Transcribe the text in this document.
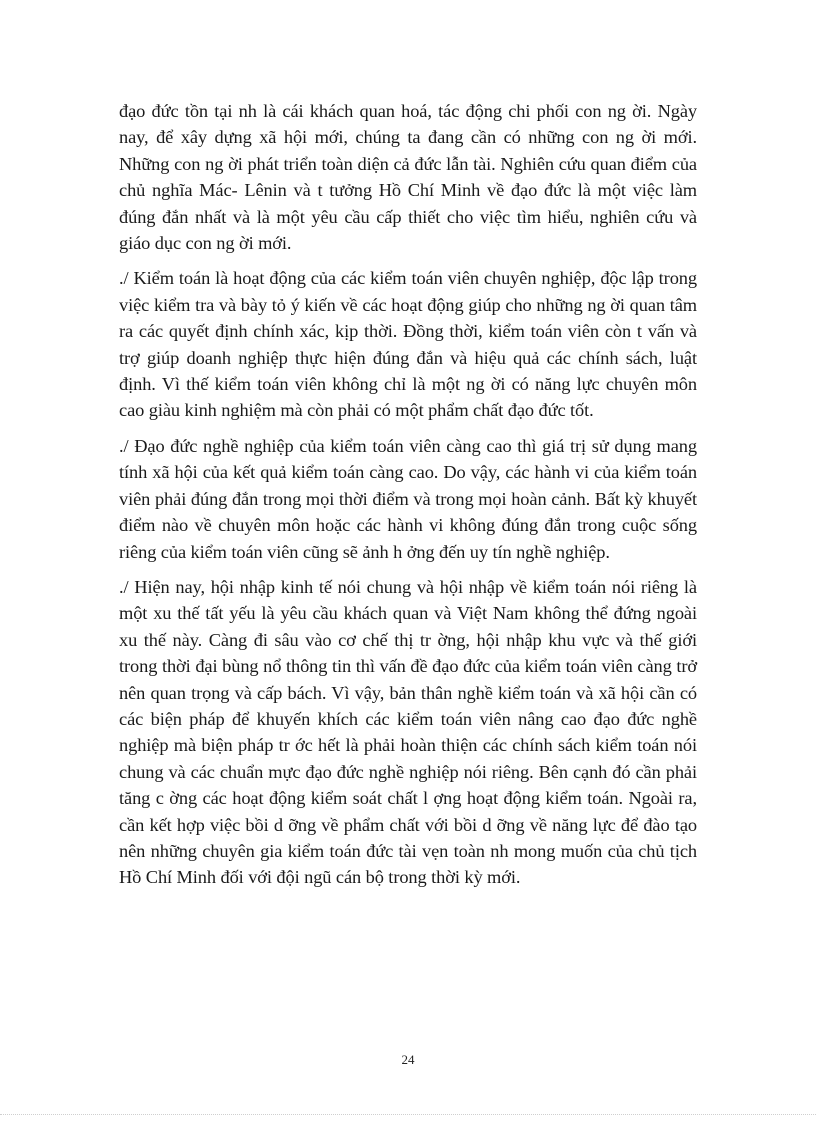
đạo đức tồn tại nh là cái khách quan hoá, tác động chi phối con ng ời. Ngày nay, để xây dựng xã hội mới, chúng ta đang cần có những con ng ời mới. Những con ng ời phát triển toàn diện cả đức lẫn tài. Nghiên cứu quan điểm của chủ nghĩa Mác- Lênin và t tưởng Hồ Chí Minh về đạo đức là một việc làm đúng đắn nhất và là một yêu cầu cấp thiết cho việc tìm hiểu, nghiên cứu và giáo dục con ng ời mới.

./ Kiểm toán là hoạt động của các kiểm toán viên chuyên nghiệp, độc lập trong việc kiểm tra và bày tỏ ý kiến về các hoạt động giúp cho những ng ời quan tâm ra các quyết định chính xác, kịp thời. Đồng thời, kiểm toán viên còn t vấn và trợ giúp doanh nghiệp thực hiện đúng đắn và hiệu quả các chính sách, luật định. Vì thế kiểm toán viên không chỉ là một ng ời có năng lực chuyên môn cao giàu kinh nghiệm mà còn phải có một phẩm chất đạo đức tốt.

./ Đạo đức nghề nghiệp của kiểm toán viên càng cao thì giá trị sử dụng mang tính xã hội của kết quả kiểm toán càng cao. Do vậy, các hành vi của kiểm toán viên phải đúng đắn trong mọi thời điểm và trong mọi hoàn cảnh. Bất kỳ khuyết điểm nào về chuyên môn hoặc các hành vi không đúng đắn trong cuộc sống riêng của kiểm toán viên cũng sẽ ảnh h ởng đến uy tín nghề nghiệp.

./ Hiện nay, hội nhập kinh tế nói chung và hội nhập về kiểm toán nói riêng là một xu thế tất yếu là yêu cầu khách quan và Việt Nam không thể đứng ngoài xu thế này. Càng đi sâu vào cơ chế thị tr ờng, hội nhập khu vực và thế giới trong thời đại bùng nổ thông tin thì vấn đề đạo đức của kiểm toán viên càng trở nên quan trọng và cấp bách. Vì vậy, bản thân nghề kiểm toán và xã hội cần có các biện pháp để khuyến khích các kiểm toán viên nâng cao đạo đức nghề nghiệp mà biện pháp tr ớc hết là phải hoàn thiện các chính sách kiểm toán nói chung và các chuẩn mực đạo đức nghề nghiệp nói riêng. Bên cạnh đó cần phải tăng c ờng các hoạt động kiểm soát chất l ợng hoạt động kiểm toán. Ngoài ra, cần kết hợp việc bồi d ỡng về phẩm chất với bồi d ỡng về năng lực để đào tạo nên những chuyên gia kiểm toán đức tài vẹn toàn nh mong muốn của chủ tịch Hồ Chí Minh đối với đội ngũ cán bộ trong thời kỳ mới.

24
